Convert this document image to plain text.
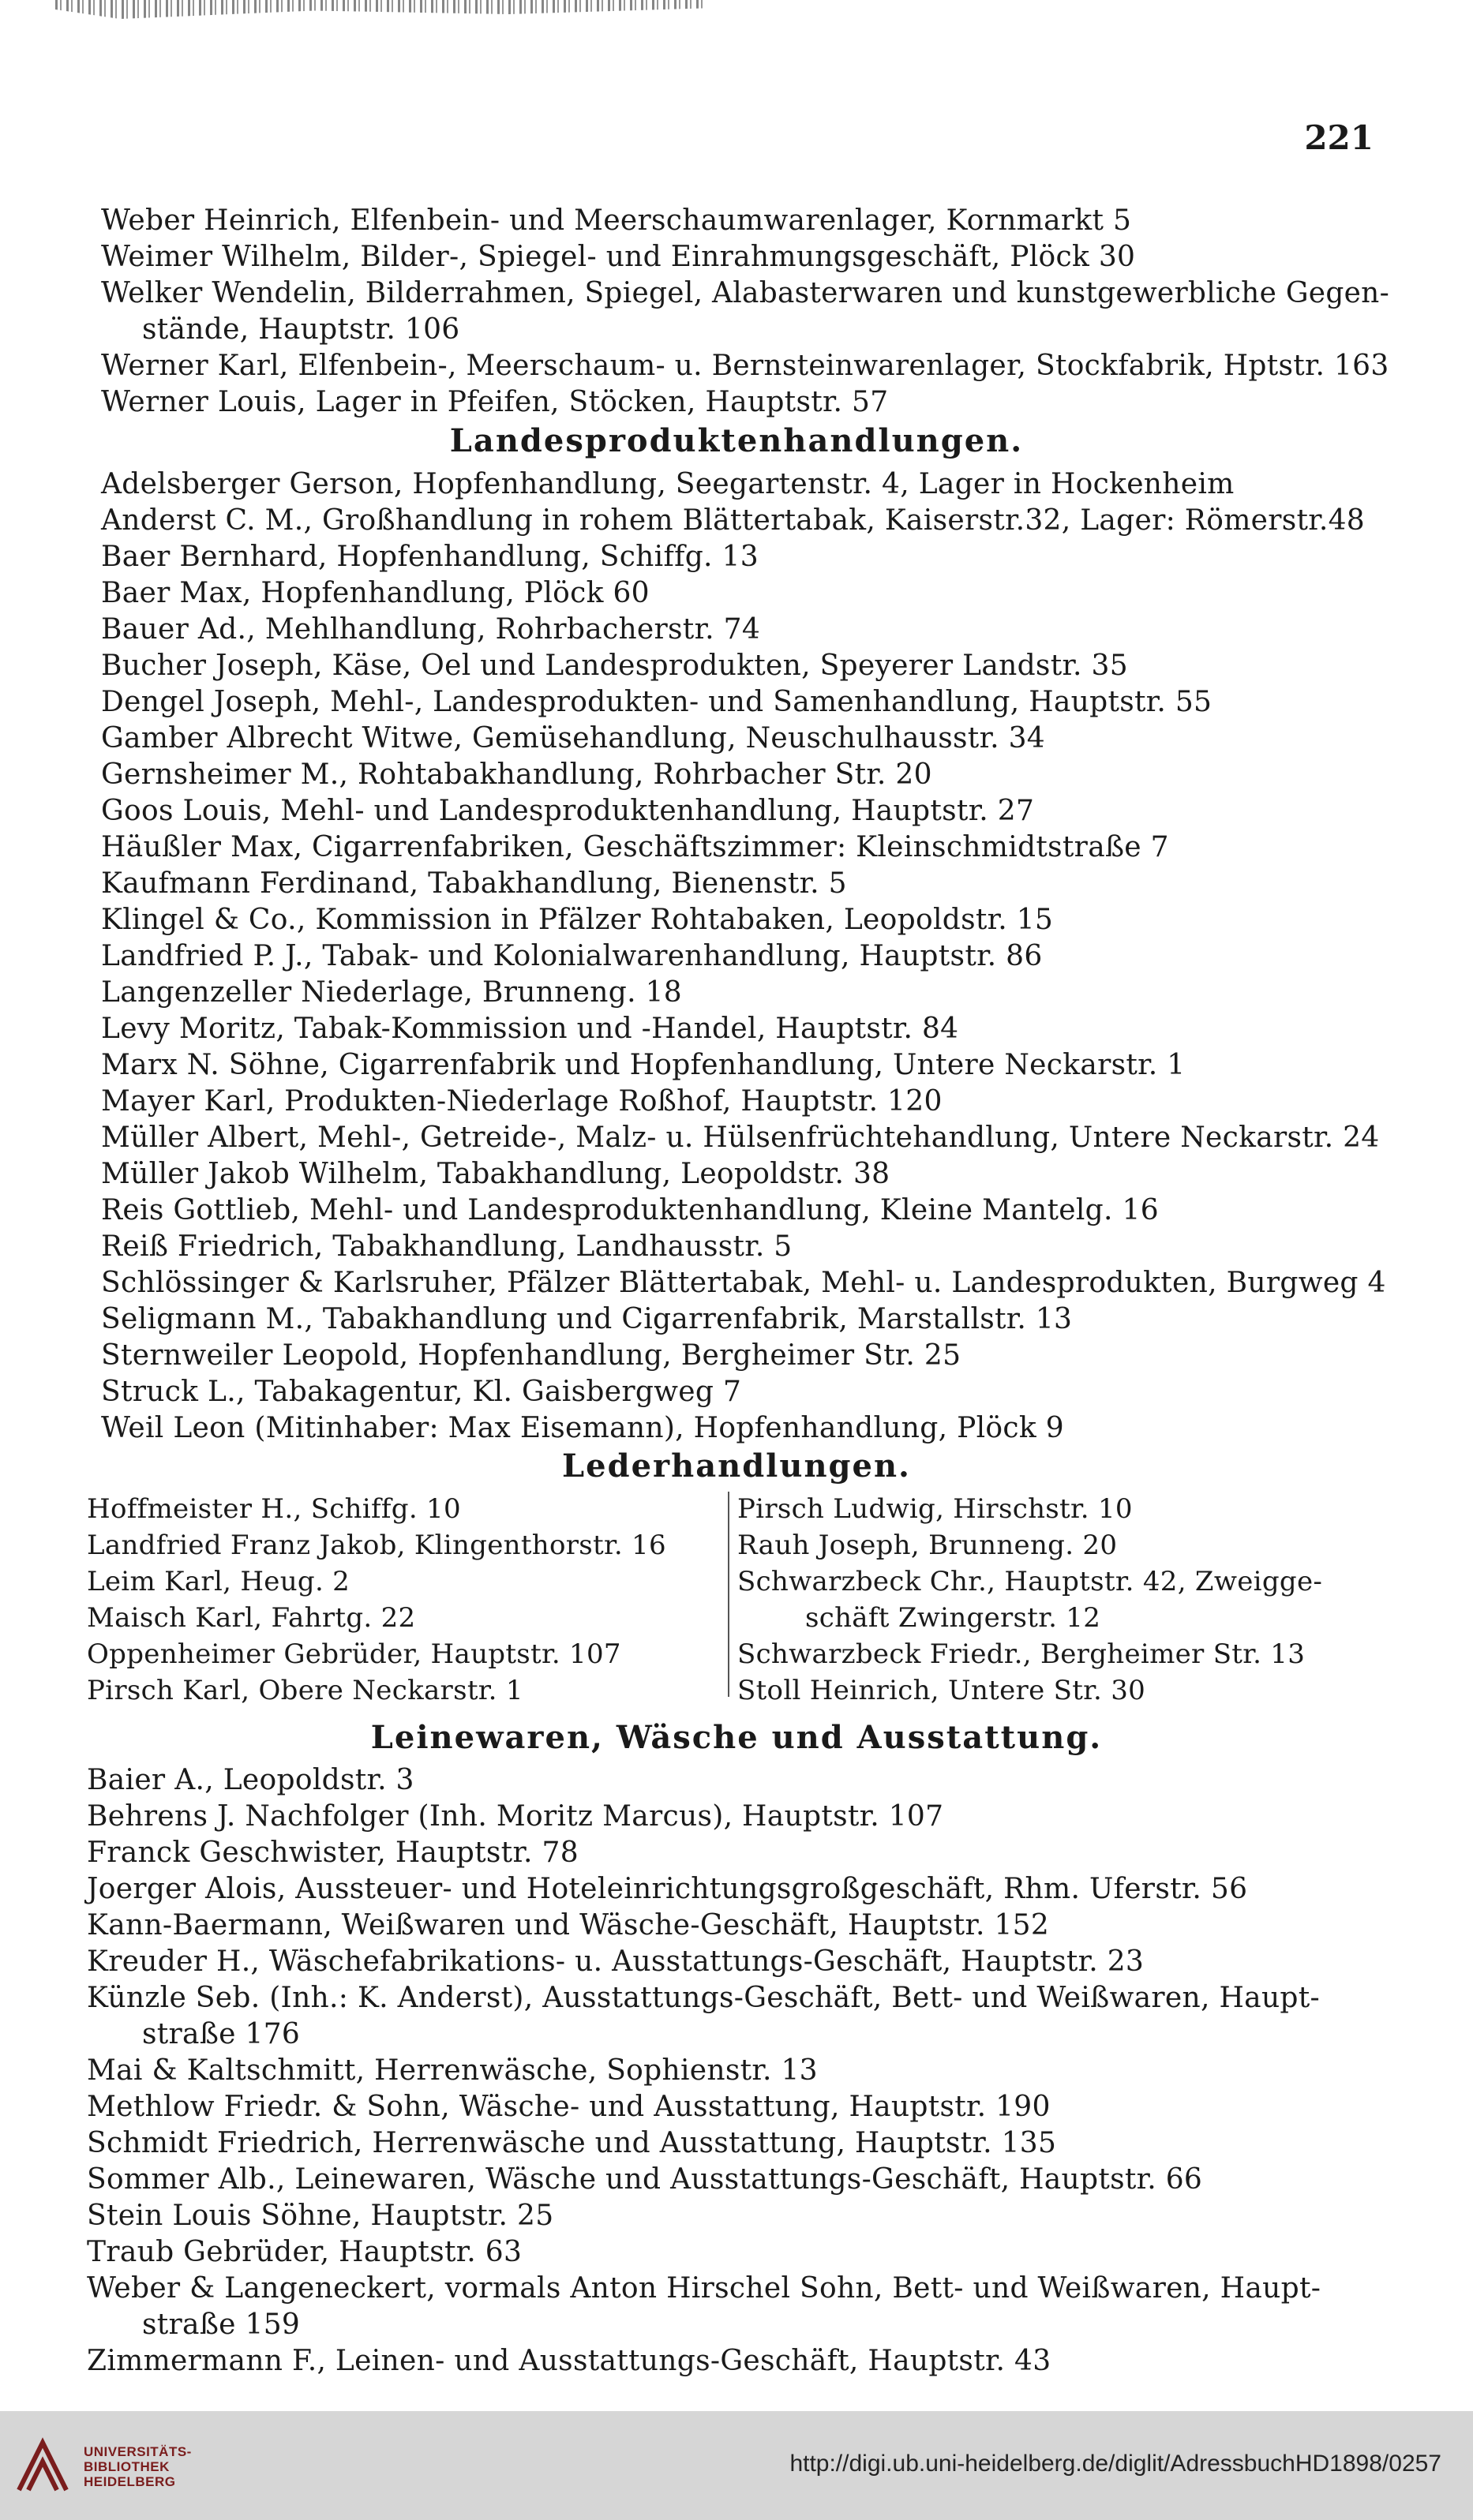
221
Weber Heinrich, Elfenbein- und Meerschaumwarenlager, Kornmarkt 5
Weimer Wilhelm, Bilder-, Spiegel- und Einrahmungsgeschäft, Plöck 30
Welker Wendelin, Bilderrahmen, Spiegel, Alabasterwaren und kunstgewerbliche Gegen-
stände, Hauptstr. 106
Werner Karl, Elfenbein-, Meerschaum- u. Bernsteinwarenlager, Stockfabrik, Hptstr. 163
Werner Louis, Lager in Pfeifen, Stöcken, Hauptstr. 57
Landesproduktenhandlungen.
Adelsberger Gerson, Hopfenhandlung, Seegartenstr. 4, Lager in Hockenheim
Anderst C. M., Großhandlung in rohem Blättertabak, Kaiserstr.32, Lager: Römerstr.48
Baer Bernhard, Hopfenhandlung, Schiffg. 13
Baer Max, Hopfenhandlung, Plöck 60
Bauer Ad., Mehlhandlung, Rohrbacherstr. 74
Bucher Joseph, Käse, Oel und Landesprodukten, Speyerer Landstr. 35
Dengel Joseph, Mehl-, Landesprodukten- und Samenhandlung, Hauptstr. 55
Gamber Albrecht Witwe, Gemüsehandlung, Neuschulhausstr. 34
Gernsheimer M., Rohtabakhandlung, Rohrbacher Str. 20
Goos Louis, Mehl- und Landesproduktenhandlung, Hauptstr. 27
Häußler Max, Cigarrenfabriken, Geschäftszimmer: Kleinschmidtstraße 7
Kaufmann Ferdinand, Tabakhandlung, Bienenstr. 5
Klingel & Co., Kommission in Pfälzer Rohtabaken, Leopoldstr. 15
Landfried P. J., Tabak- und Kolonialwarenhandlung, Hauptstr. 86
Langenzeller Niederlage, Brunneng. 18
Levy Moritz, Tabak-Kommission und -Handel, Hauptstr. 84
Marx N. Söhne, Cigarrenfabrik und Hopfenhandlung, Untere Neckarstr. 1
Mayer Karl, Produkten-Niederlage Roßhof, Hauptstr. 120
Müller Albert, Mehl-, Getreide-, Malz- u. Hülsenfrüchtehandlung, Untere Neckarstr. 24
Müller Jakob Wilhelm, Tabakhandlung, Leopoldstr. 38
Reis Gottlieb, Mehl- und Landesproduktenhandlung, Kleine Mantelg. 16
Reiß Friedrich, Tabakhandlung, Landhausstr. 5
Schlössinger & Karlsruher, Pfälzer Blättertabak, Mehl- u. Landesprodukten, Burgweg 4
Seligmann M., Tabakhandlung und Cigarrenfabrik, Marstallstr. 13
Sternweiler Leopold, Hopfenhandlung, Bergheimer Str. 25
Struck L., Tabakagentur, Kl. Gaisbergweg 7
Weil Leon (Mitinhaber: Max Eisemann), Hopfenhandlung, Plöck 9
Lederhandlungen.
Hoffmeister H., Schiffg. 10
Landfried Franz Jakob, Klingenthorstr. 16
Leim Karl, Heug. 2
Maisch Karl, Fahrtg. 22
Oppenheimer Gebrüder, Hauptstr. 107
Pirsch Karl, Obere Neckarstr. 1
Pirsch Ludwig, Hirschstr. 10
Rauh Joseph, Brunneng. 20
Schwarzbeck Chr., Hauptstr. 42, Zweigge-
schäft Zwingerstr. 12
Schwarzbeck Friedr., Bergheimer Str. 13
Stoll Heinrich, Untere Str. 30
Leinewaren, Wäsche und Ausstattung.
Baier A., Leopoldstr. 3
Behrens J. Nachfolger (Inh. Moritz Marcus), Hauptstr. 107
Franck Geschwister, Hauptstr. 78
Joerger Alois, Aussteuer- und Hoteleinrichtungsgroßgeschäft, Rhm. Uferstr. 56
Kann-Baermann, Weißwaren und Wäsche-Geschäft, Hauptstr. 152
Kreuder H., Wäschefabrikations- u. Ausstattungs-Geschäft, Hauptstr. 23
Künzle Seb. (Inh.: K. Anderst), Ausstattungs-Geschäft, Bett- und Weißwaren, Haupt-
straße 176
Mai & Kaltschmitt, Herrenwäsche, Sophienstr. 13
Methlow Friedr. & Sohn, Wäsche- und Ausstattung, Hauptstr. 190
Schmidt Friedrich, Herrenwäsche und Ausstattung, Hauptstr. 135
Sommer Alb., Leinewaren, Wäsche und Ausstattungs-Geschäft, Hauptstr. 66
Stein Louis Söhne, Hauptstr. 25
Traub Gebrüder, Hauptstr. 63
Weber & Langeneckert, vormals Anton Hirschel Sohn, Bett- und Weißwaren, Haupt-
straße 159
Zimmermann F., Leinen- und Ausstattungs-Geschäft, Hauptstr. 43
UNIVERSITÄTS-
BIBLIOTHEK
HEIDELBERG
http://digi.ub.uni-heidelberg.de/diglit/AdressbuchHD1898/0257
